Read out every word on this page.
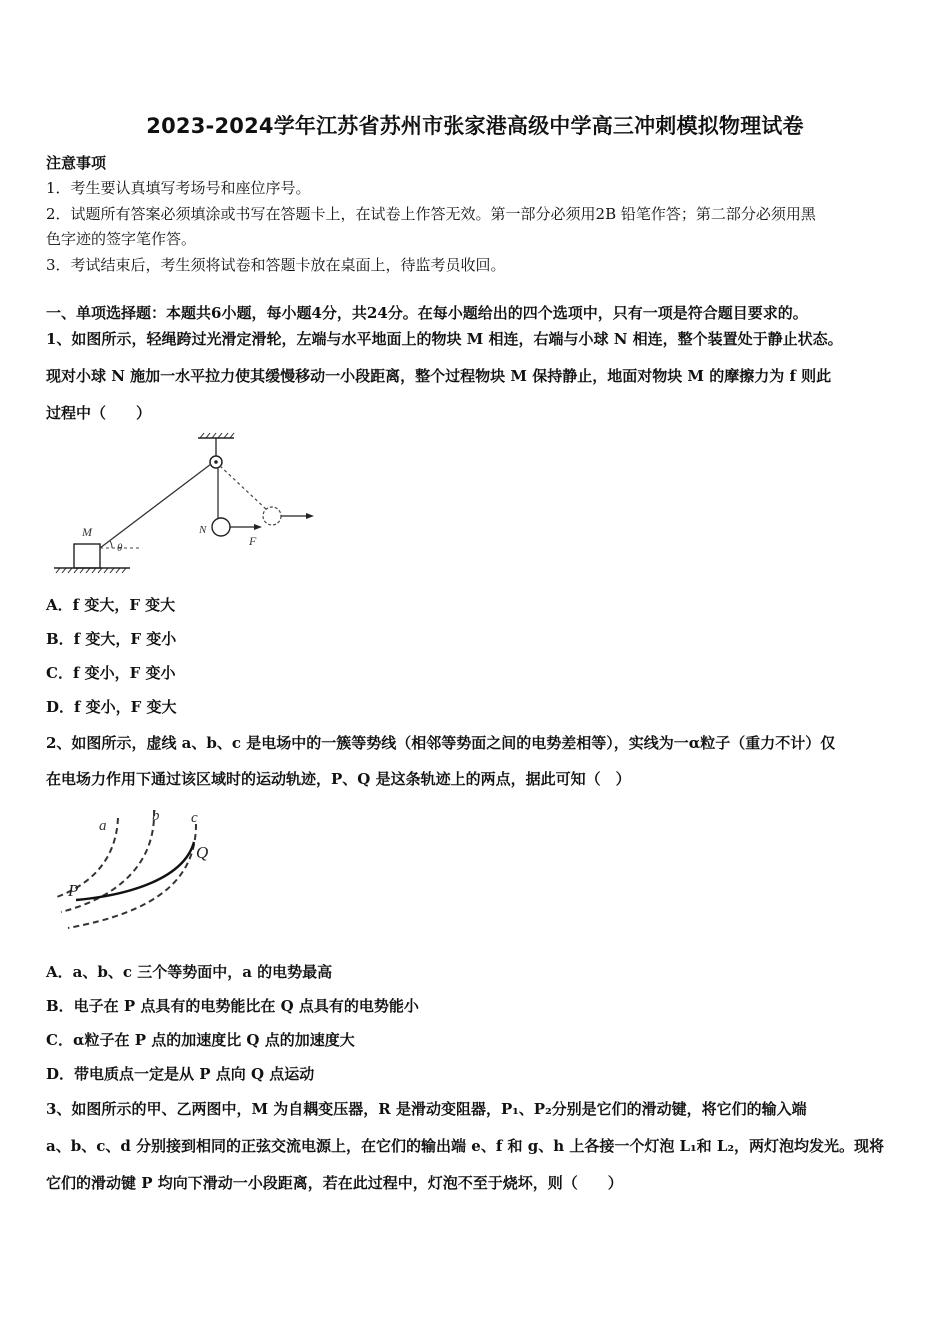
2023-2024学年江苏省苏州市张家港高级中学高三冲刺模拟物理试卷
注意事项
1．考生要认真填写考场号和座位序号。
2．试题所有答案必须填涂或书写在答题卡上，在试卷上作答无效。第一部分必须用2B 铅笔作答；第二部分必须用黑
色字迹的签字笔作答。
3．考试结束后，考生须将试卷和答题卡放在桌面上，待监考员收回。
一、单项选择题：本题共6小题，每小题4分，共24分。在每小题给出的四个选项中，只有一项是符合题目要求的。
1、如图所示，轻绳跨过光滑定滑轮，左端与水平地面上的物块 M 相连，右端与小球 N 相连，整个装置处于静止状态。
现对小球 N 施加一水平拉力使其缓慢移动一小段距离，整个过程物块 M 保持静止，地面对物块 M 的摩擦力为 f 则此
过程中（　　）
M	N
F
θ
A．f 变大，F 变大
B．f 变大，F 变小
C．f 变小，F 变小
D．f 变小，F 变大
2、如图所示，虚线 a、b、c 是电场中的一簇等势线（相邻等势面之间的电势差相等），实线为一α粒子（重力不计）仅
在电场力作用下通过该区域时的运动轨迹，P、Q 是这条轨迹上的两点，据此可知（　）
a
b c
P
Q
A．a、b、c 三个等势面中，a 的电势最高
B．电子在 P 点具有的电势能比在 Q 点具有的电势能小
C．α粒子在 P 点的加速度比 Q 点的加速度大
D．带电质点一定是从 P 点向 Q 点运动
3、如图所示的甲、乙两图中，M 为自耦变压器，R 是滑动变阻器，P₁、P₂分别是它们的滑动键，将它们的输入端
a、b、c、d 分别接到相同的正弦交流电源上，在它们的输出端 e、f 和 g、h 上各接一个灯泡 L₁和 L₂，两灯泡均发光。现将
它们的滑动键 P 均向下滑动一小段距离，若在此过程中，灯泡不至于烧坏，则（　　）
